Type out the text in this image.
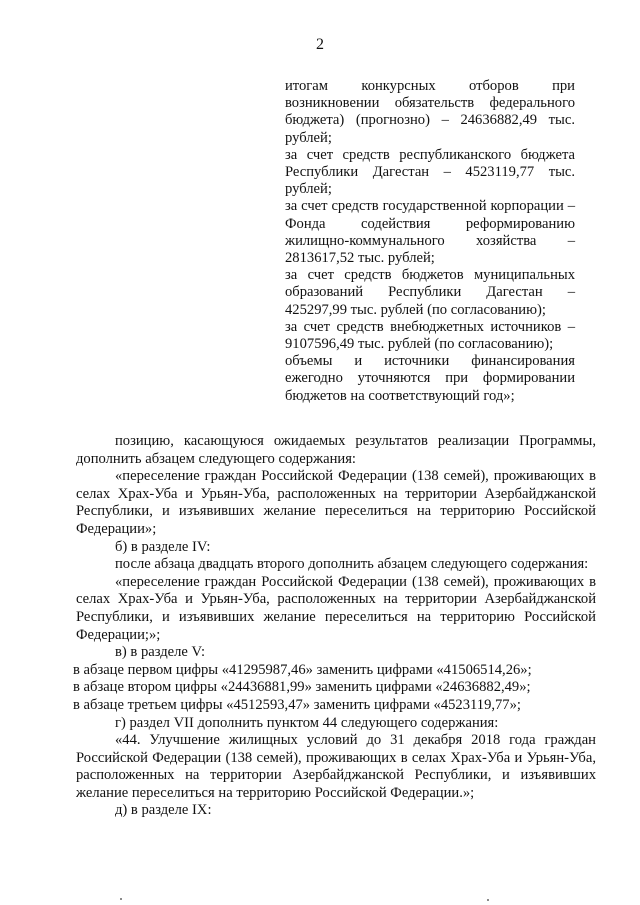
2

итогам конкурсных отборов при возникновении обязательств федерального бюджета) (прогнозно) – 24636882,49 тыс. рублей;

за счет средств республиканского бюджета Республики Дагестан – 4523119,77 тыс. рублей;

за счет средств государственной корпорации – Фонда содействия реформированию жилищно-коммунального хозяйства – 2813617,52 тыс. рублей;

за счет средств бюджетов муниципальных образований Республики Дагестан – 425297,99 тыс. рублей (по согласованию);

за счет средств внебюджетных источников – 9107596,49 тыс. рублей (по согласованию);

объемы и источники финансирования ежегодно уточняются при формировании бюджетов на соответствующий год»;

позицию, касающуюся ожидаемых результатов реализации Программы, дополнить абзацем следующего содержания:

«переселение граждан Российской Федерации (138 семей), проживающих в селах Храх-Уба и Урьян-Уба, расположенных на территории Азербайджанской Республики, и изъявивших желание переселиться на территорию Российской Федерации»;

б) в разделе IV:

после абзаца двадцать второго дополнить абзацем следующего содержания:

«переселение граждан Российской Федерации (138 семей), проживающих в селах Храх-Уба и Урьян-Уба, расположенных на территории Азербайджанской Республики, и изъявивших желание переселиться на территорию Российской Федерации;»;

в) в разделе V:

в абзаце первом цифры «41295987,46» заменить цифрами «41506514,26»;

в абзаце втором цифры «24436881,99» заменить цифрами «24636882,49»;

в абзаце третьем цифры «4512593,47» заменить цифрами «4523119,77»;

г) раздел VII дополнить пунктом 44 следующего содержания:

«44. Улучшение жилищных условий до 31 декабря 2018 года граждан Российской Федерации (138 семей), проживающих в селах Храх-Уба и Урьян-Уба, расположенных на территории Азербайджанской Республики, и изъявивших желание переселиться на территорию Российской Федерации.»;

д) в разделе IX:
